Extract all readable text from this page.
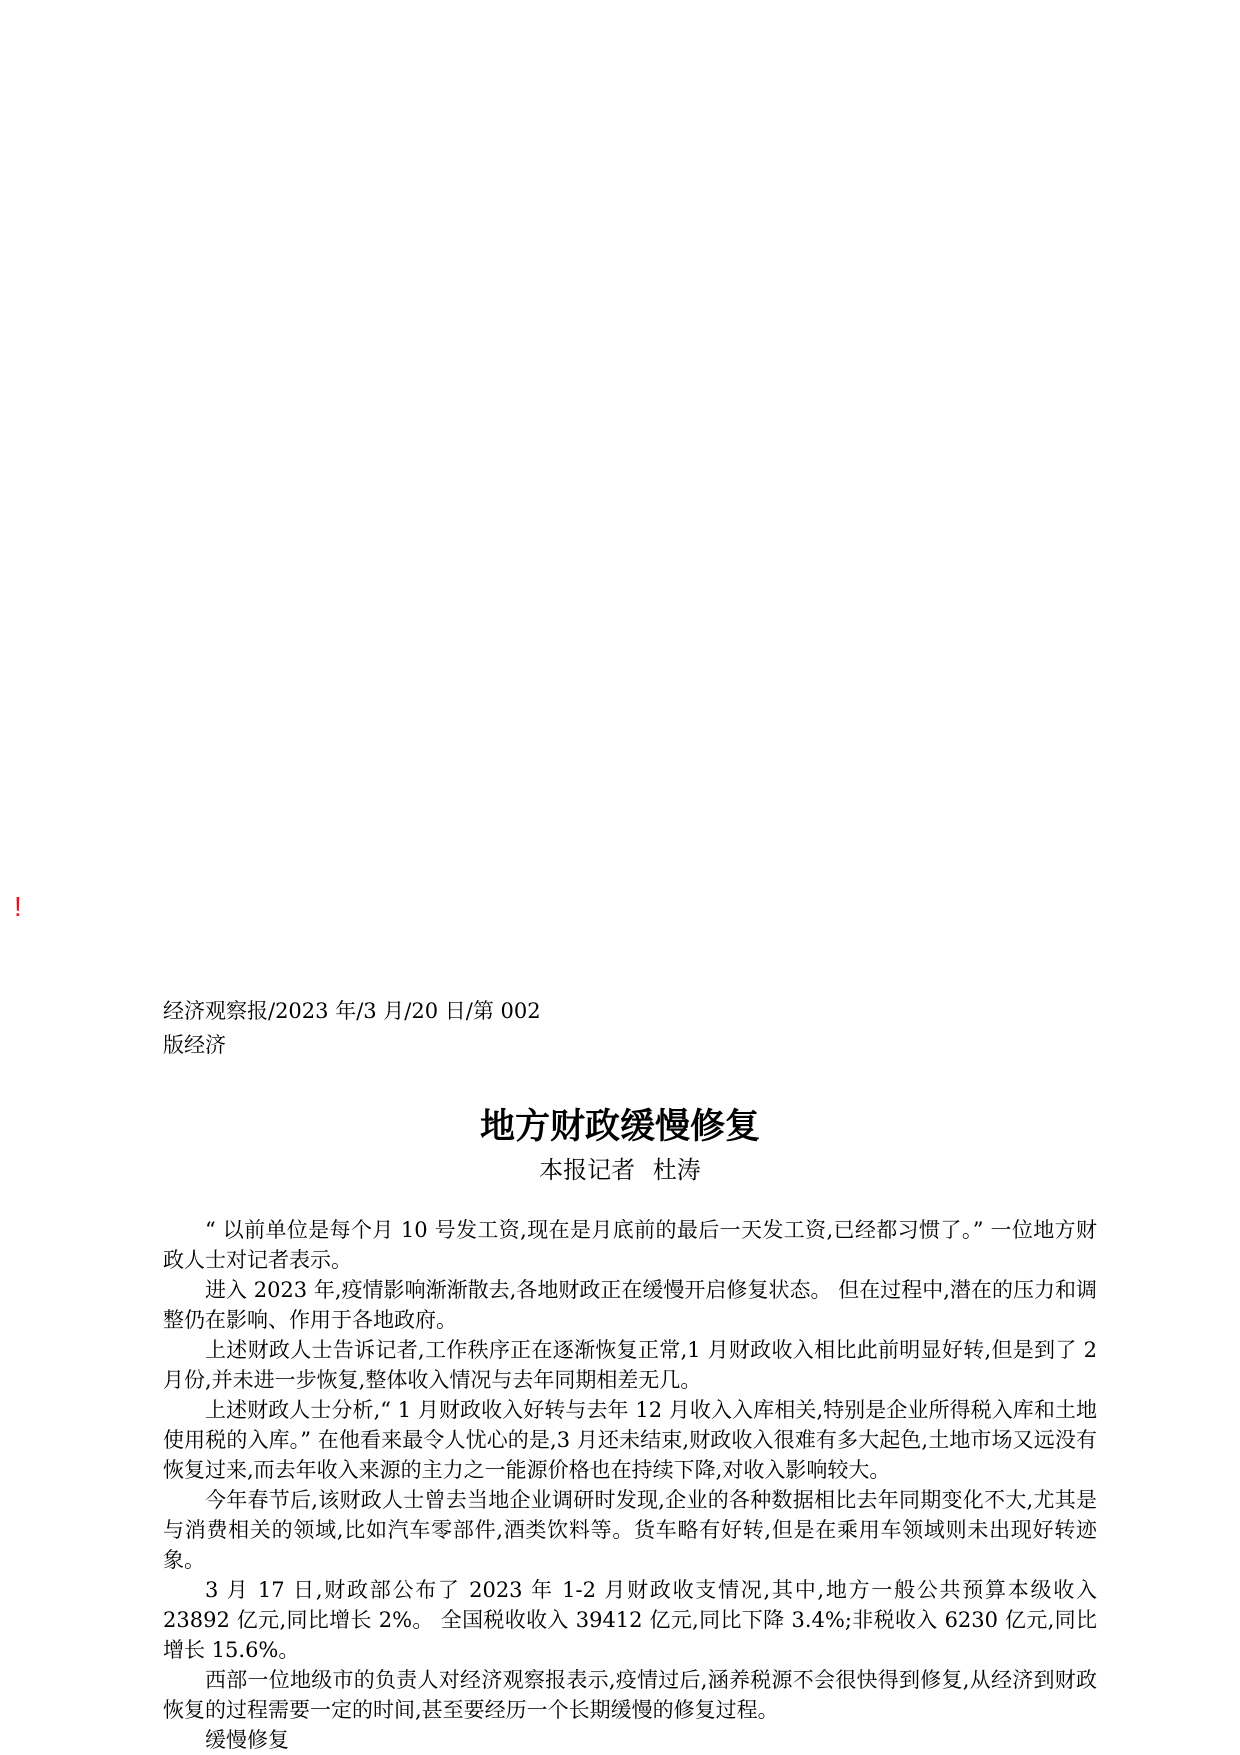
!
经济观察报/2023 年/3 月/20 日/第 002 版经济
地方财政缓慢修复
本报记者 杜涛

“ 以前单位是每个月 10 号发工资,现在是月底前的最后一天发工资,已经都习惯了。” 一位地方财政人士对记者表示。

进入 2023 年,疫情影响渐渐散去,各地财政正在缓慢开启修复状态。 但在过程中,潜在的压力和调整仍在影响、作用于各地政府。

上述财政人士告诉记者,工作秩序正在逐渐恢复正常,1 月财政收入相比此前明显好转,但是到了 2 月份,并未进一步恢复,整体收入情况与去年同期相差无几。

上述财政人士分析,“ 1 月财政收入好转与去年 12 月收入入库相关,特别是企业所得税入库和土地使用税的入库。” 在他看来最令人忧心的是,3 月还未结束,财政收入很难有多大起色,土地市场又远没有恢复过来,而去年收入来源的主力之一能源价格也在持续下降,对收入影响较大。

今年春节后,该财政人士曾去当地企业调研时发现,企业的各种数据相比去年同期变化不大,尤其是与消费相关的领域,比如汽车零部件,酒类饮料等。货车略有好转,但是在乘用车领域则未出现好转迹象。

3 月 17 日,财政部公布了 2023 年 1-2 月财政收支情况,其中,地方一般公共预算本级收入 23892 亿元,同比增长 2%。 全国税收收入 39412 亿元,同比下降 3.4%;非税收入 6230 亿元,同比增长 15.6%。

西部一位地级市的负责人对经济观察报表示,疫情过后,涵养税源不会很快得到修复,从经济到财政恢复的过程需要一定的时间,甚至要经历一个长期缓慢的修复过程。

缓慢修复
